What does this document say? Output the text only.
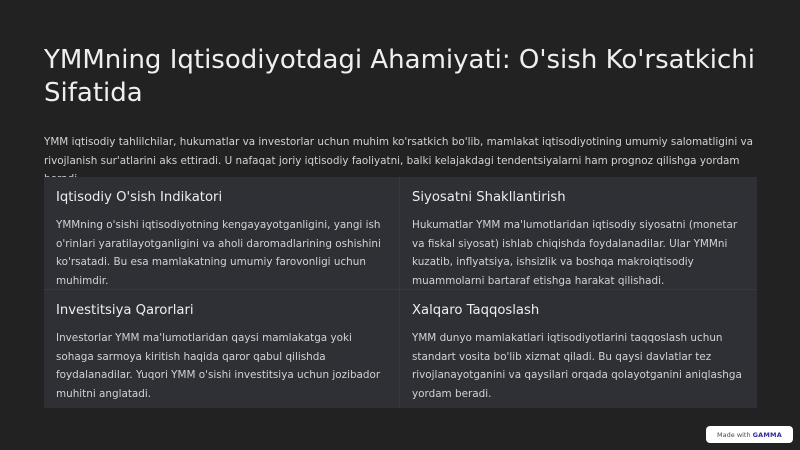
YMMning Iqtisodiyotdagi Ahamiyati: O'sish Ko'rsatkichi Sifatida

YMM iqtisodiy tahlilchilar, hukumatlar va investorlar uchun muhim ko'rsatkich bo'lib, mamlakat iqtisodiyotining umumiy salomatligini va rivojlanish sur'atlarini aks ettiradi. U nafaqat joriy iqtisodiy faoliyatni, balki kelajakdagi tendentsiyalarni ham prognoz qilishga yordam

Iqtisodiy O'sish Indikatori

YMMning o'sishi iqtisodiyotning kengayayotganligini, yangi ish o'rinlari yaratilayotganligini va aholi daromadlarining oshishini ko'rsatadi. Bu esa mamlakatning umumiy farovonligi uchun muhimdir.

Siyosatni Shakllantirish

Hukumatlar YMM ma'lumotlaridan iqtisodiy siyosatni (monetar va fiskal siyosat) ishlab chiqishda foydalanadilar. Ular YMMni kuzatib, inflyatsiya, ishsizlik va boshqa makroiqtisodiy muammolarni bartaraf etishga harakat qilishadi.

Investitsiya Qarorlari

Investorlar YMM ma'lumotlaridan qaysi mamlakatga yoki sohaga sarmoya kiritish haqida qaror qabul qilishda foydalanadilar. Yuqori YMM o'sishi investitsiya uchun jozibador muhitni anglatadi.

Xalqaro Taqqoslash

YMM dunyo mamlakatlari iqtisodiyotlarini taqqoslash uchun standart vosita bo'lib xizmat qiladi. Bu qaysi davlatlar tez rivojlanayotganini va qaysilari orqada qolayotganini aniqlashga yordam beradi.

Made with GAMMA
